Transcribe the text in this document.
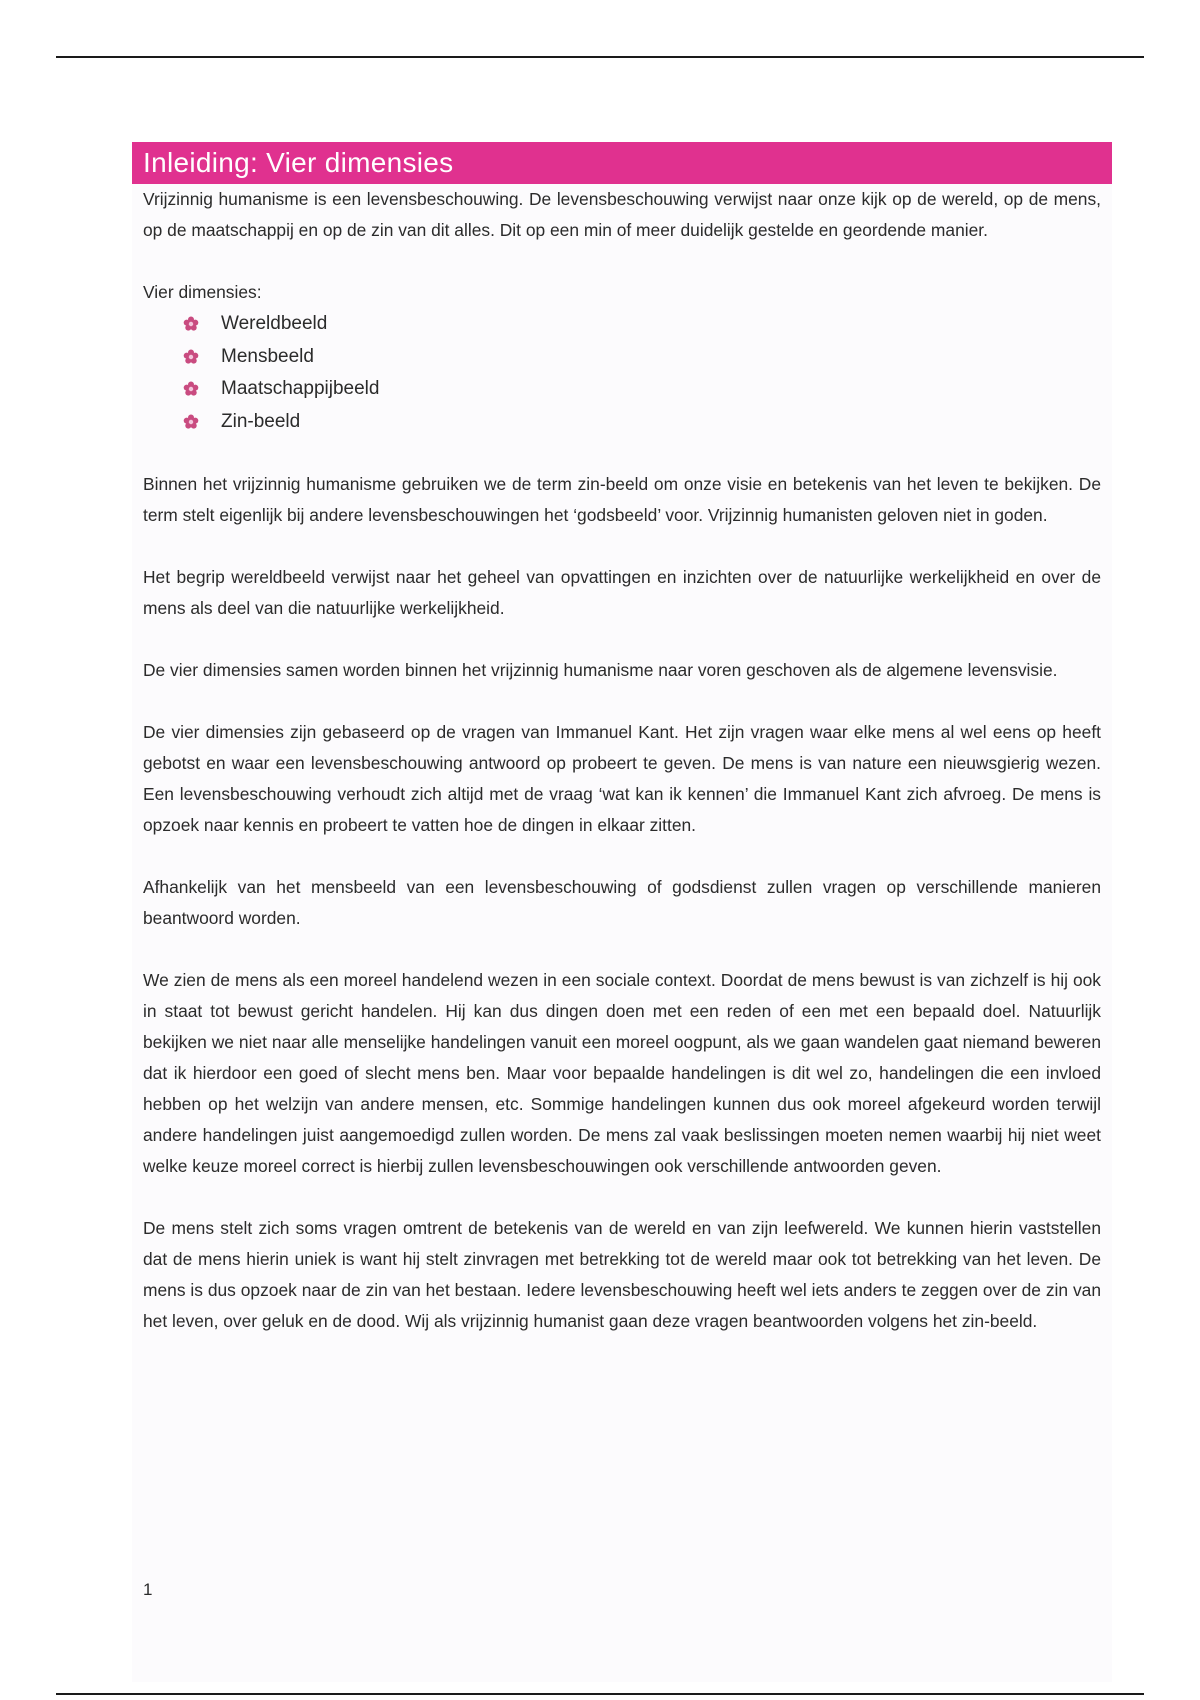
Inleiding: Vier dimensies

Vrijzinnig humanisme is een levensbeschouwing. De levensbeschouwing verwijst naar onze kijk op de wereld, op de mens, op de maatschappij en op de zin van dit alles. Dit op een min of meer duidelijk gestelde en geordende manier.

Vier dimensies:

Wereldbeeld
Mensbeeld
Maatschappijbeeld
Zin-beeld

Binnen het vrijzinnig humanisme gebruiken we de term zin-beeld om onze visie en betekenis van het leven te bekijken. De term stelt eigenlijk bij andere levensbeschouwingen het ‘godsbeeld’ voor. Vrijzinnig humanisten geloven niet in goden.

Het begrip wereldbeeld verwijst naar het geheel van opvattingen en inzichten over de natuurlijke werkelijkheid en over de mens als deel van die natuurlijke werkelijkheid.

De vier dimensies samen worden binnen het vrijzinnig humanisme naar voren geschoven als de algemene levensvisie.

De vier dimensies zijn gebaseerd op de vragen van Immanuel Kant. Het zijn vragen waar elke mens al wel eens op heeft gebotst en waar een levensbeschouwing antwoord op probeert te geven. De mens is van nature een nieuwsgierig wezen. Een levensbeschouwing verhoudt zich altijd met de vraag ‘wat kan ik kennen’ die Immanuel Kant zich afvroeg. De mens is opzoek naar kennis en probeert te vatten hoe de dingen in elkaar zitten.

Afhankelijk van het mensbeeld van een levensbeschouwing of godsdienst zullen vragen op verschillende manieren beantwoord worden.

We zien de mens als een moreel handelend wezen in een sociale context. Doordat de mens bewust is van zichzelf is hij ook in staat tot bewust gericht handelen. Hij kan dus dingen doen met een reden of een met een bepaald doel. Natuurlijk bekijken we niet naar alle menselijke handelingen vanuit een moreel oogpunt, als we gaan wandelen gaat niemand beweren dat ik hierdoor een goed of slecht mens ben. Maar voor bepaalde handelingen is dit wel zo, handelingen die een invloed hebben op het welzijn van andere mensen, etc. Sommige handelingen kunnen dus ook moreel afgekeurd worden terwijl andere handelingen juist aangemoedigd zullen worden. De mens zal vaak beslissingen moeten nemen waarbij hij niet weet welke keuze moreel correct is hierbij zullen levensbeschouwingen ook verschillende antwoorden geven.

De mens stelt zich soms vragen omtrent de betekenis van de wereld en van zijn leefwereld. We kunnen hierin vaststellen dat de mens hierin uniek is want hij stelt zinvragen met betrekking tot de wereld maar ook tot betrekking van het leven. De mens is dus opzoek naar de zin van het bestaan. Iedere levensbeschouwing heeft wel iets anders te zeggen over de zin van het leven, over geluk en de dood. Wij als vrijzinnig humanist gaan deze vragen beantwoorden volgens het zin-beeld.

1
